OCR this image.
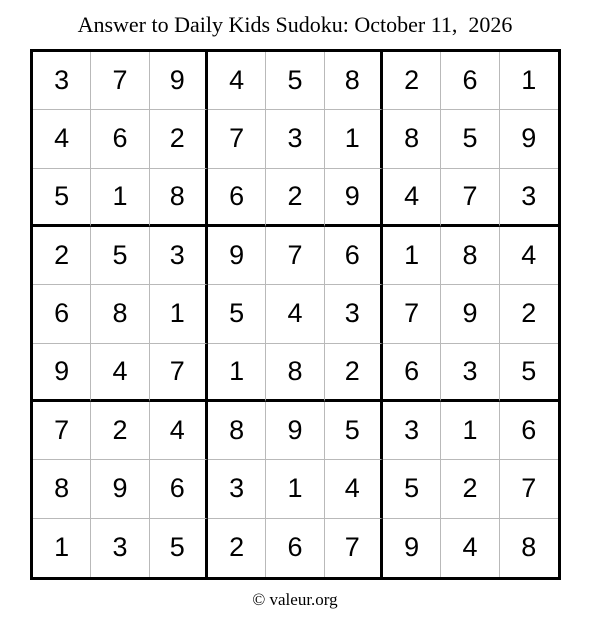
Answer to Daily Kids Sudoku: October 11,  2026
3	7	9	4	5	8	2	6	1
4	6	2	7	3	1	8	5	9
5	1	8	6	2	9	4	7	3
2	5	3	9	7	6	1	8	4
6	8	1	5	4	3	7	9	2
9	4	7	1	8	2	6	3	5
7	2	4	8	9	5	3	1	6
8	9	6	3	1	4	5	2	7
1	3	5	2	6	7	9	4	8
© valeur.org
